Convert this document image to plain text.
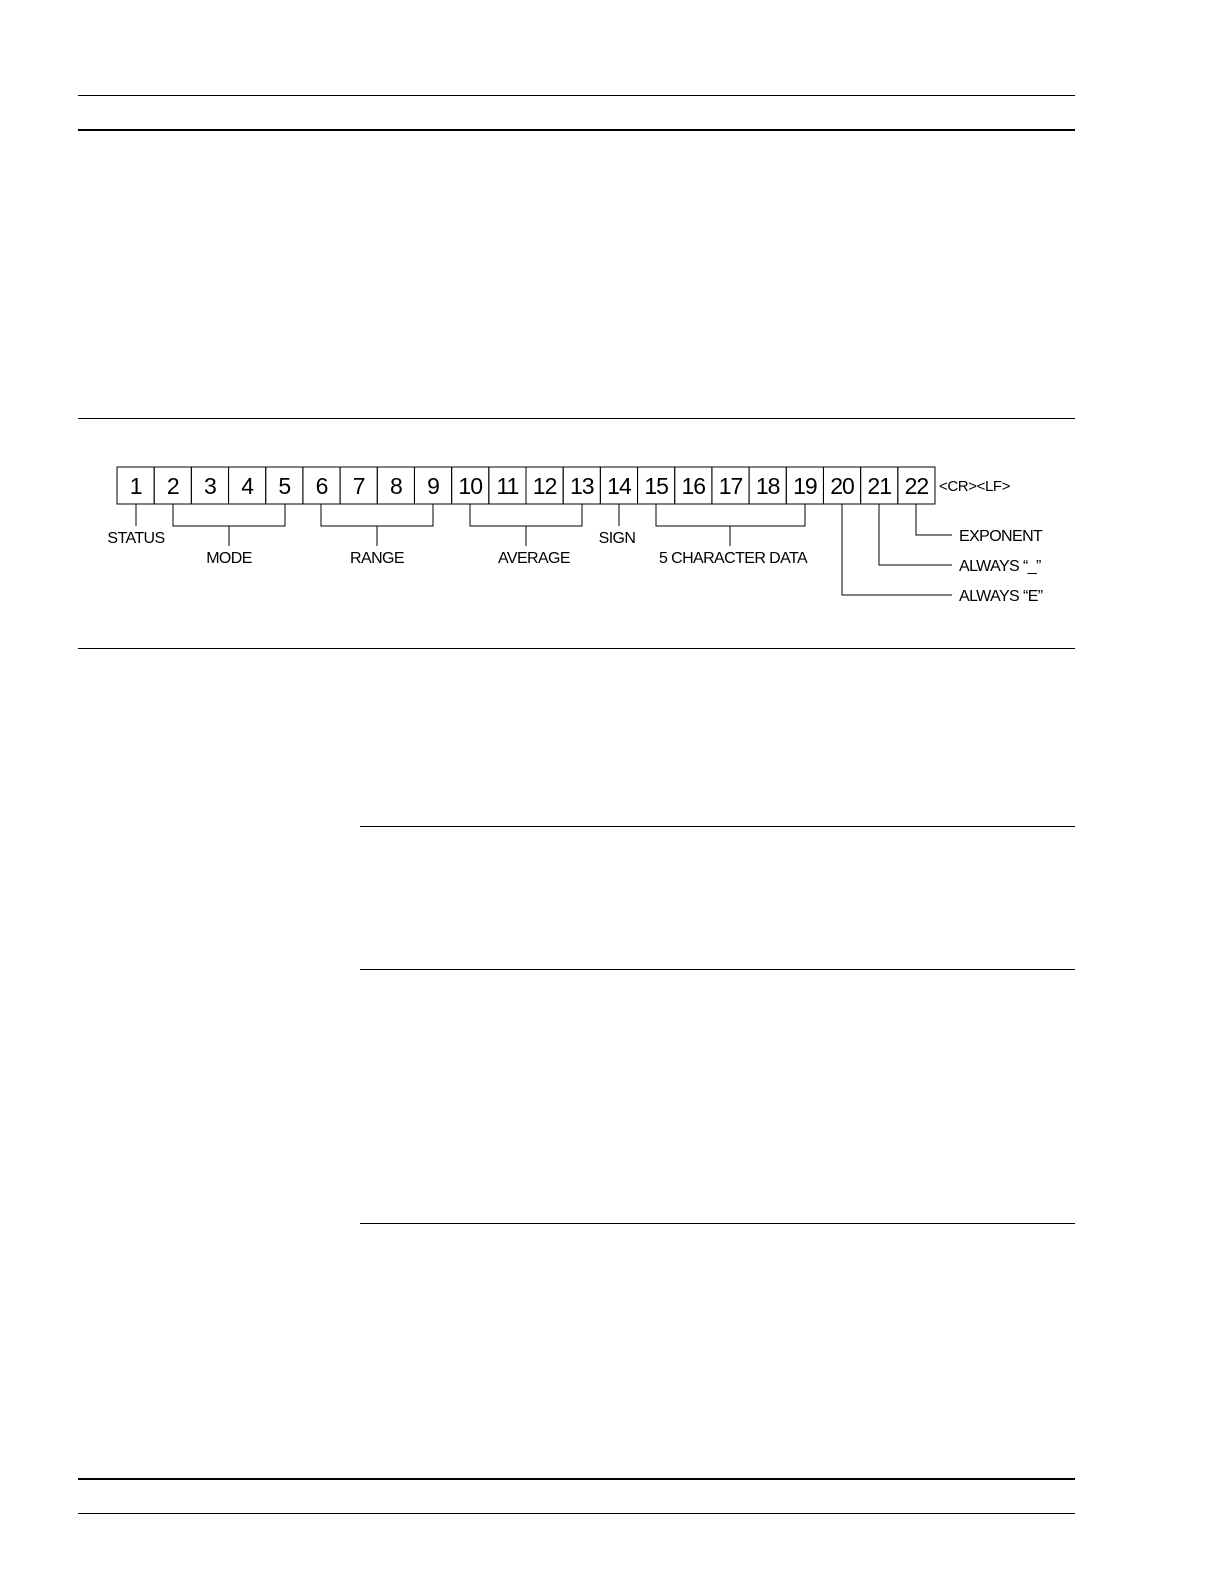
1 2 3 4 5 6 7 8 9 10 11 12 13 14 15 16 17 18 19 20 21 22 <CR><LF>
STATUS
MODE	RANGE	AVERAGE
SIGN
5 CHARACTER DATA
EXPONENT
ALWAYS “_”
ALWAYS “E”
